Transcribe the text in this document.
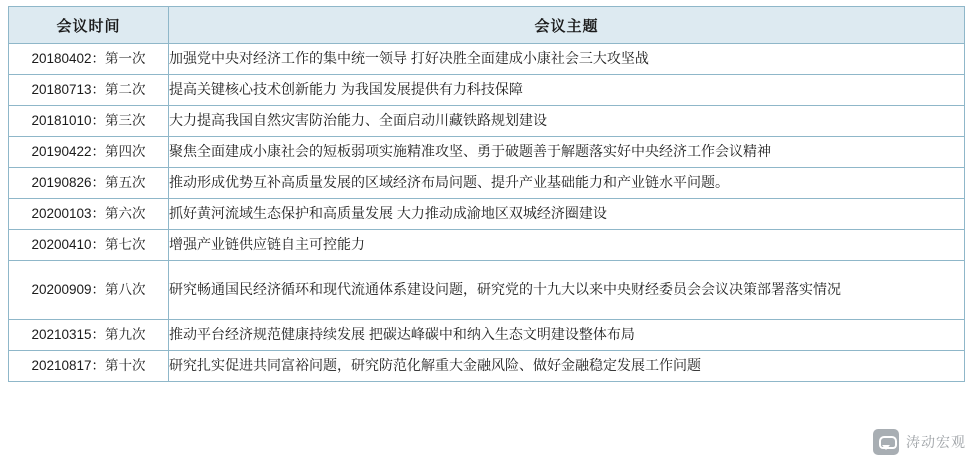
会议时间	会议主题
20180402：第一次	加强党中央对经济工作的集中统一领导 打好决胜全面建成小康社会三大攻坚战
20180713：第二次	提高关键核心技术创新能力 为我国发展提供有力科技保障
20181010：第三次	大力提高我国自然灾害防治能力、全面启动川藏铁路规划建设
20190422：第四次	聚焦全面建成小康社会的短板弱项实施精准攻坚、勇于破题善于解题落实好中央经济工作会议精神
20190826：第五次	推动形成优势互补高质量发展的区域经济布局问题、提升产业基础能力和产业链水平问题。
20200103：第六次	抓好黄河流域生态保护和高质量发展 大力推动成渝地区双城经济圈建设
20200410：第七次	增强产业链供应链自主可控能力
20200909：第八次	研究畅通国民经济循环和现代流通体系建设问题，研究党的十九大以来中央财经委员会会议决策部署落实情况
20210315：第九次	推动平台经济规范健康持续发展 把碳达峰碳中和纳入生态文明建设整体布局
20210817：第十次	研究扎实促进共同富裕问题，研究防范化解重大金融风险、做好金融稳定发展工作问题
涛动宏观
